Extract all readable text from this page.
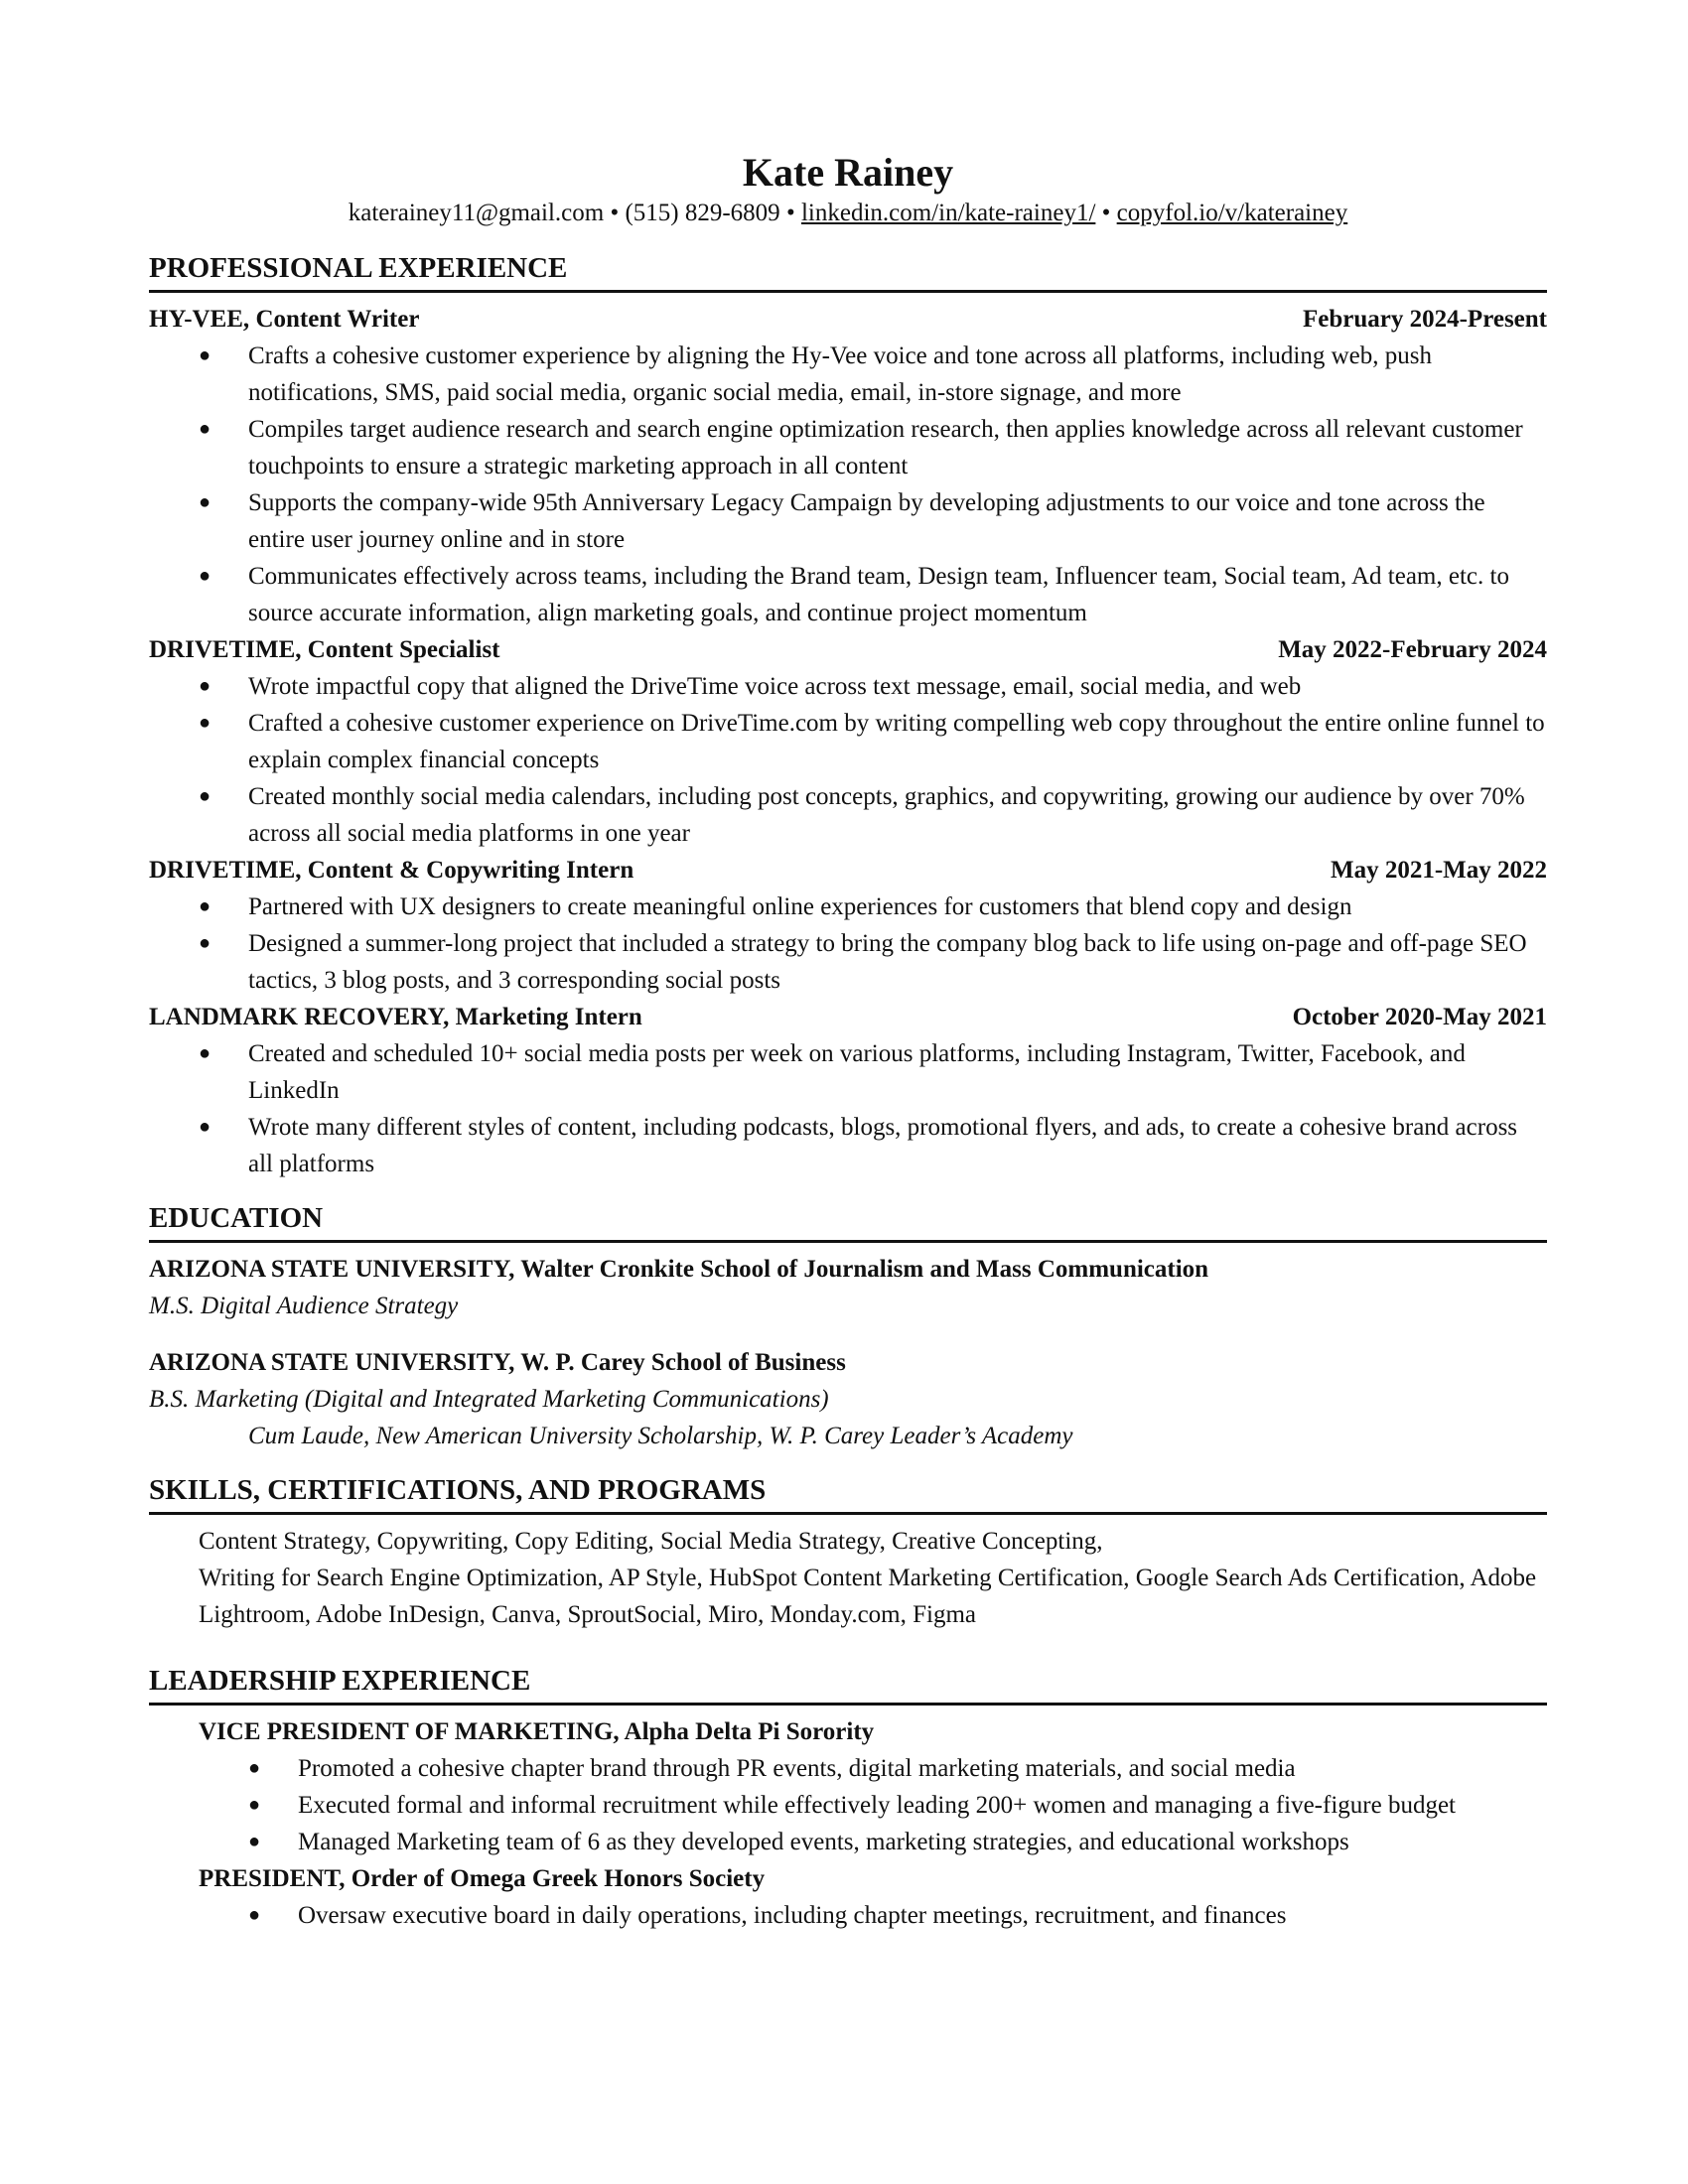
Kate Rainey

katerainey11@gmail.com • (515) 829-6809 • linkedin.com/in/kate-rainey1/ • copyfol.io/v/katerainey

PROFESSIONAL EXPERIENCE
HY-VEE, Content Writer	February 2024-Present
●	Crafts a cohesive customer experience by aligning the Hy-Vee voice and tone across all platforms, including web, push notifications, SMS, paid social media, organic social media, email, in-store signage, and more
●	Compiles target audience research and search engine optimization research, then applies knowledge across all relevant customer touchpoints to ensure a strategic marketing approach in all content
●	Supports the company-wide 95th Anniversary Legacy Campaign by developing adjustments to our voice and tone across the entire user journey online and in store
●	Communicates effectively across teams, including the Brand team, Design team, Influencer team, Social team, Ad team, etc. to source accurate information, align marketing goals, and continue project momentum
DRIVETIME, Content Specialist	May 2022-February 2024
●	Wrote impactful copy that aligned the DriveTime voice across text message, email, social media, and web
●	Crafted a cohesive customer experience on DriveTime.com by writing compelling web copy throughout the entire online funnel to explain complex financial concepts
●	Created monthly social media calendars, including post concepts, graphics, and copywriting, growing our audience by over 70% across all social media platforms in one year
DRIVETIME, Content & Copywriting Intern	May 2021-May 2022
●	Partnered with UX designers to create meaningful online experiences for customers that blend copy and design
●	Designed a summer-long project that included a strategy to bring the company blog back to life using on-page and off-page SEO tactics, 3 blog posts, and 3 corresponding social posts
LANDMARK RECOVERY, Marketing Intern	October 2020-May 2021
●	Created and scheduled 10+ social media posts per week on various platforms, including Instagram, Twitter, Facebook, and LinkedIn
●	Wrote many different styles of content, including podcasts, blogs, promotional flyers, and ads, to create a cohesive brand across all platforms
EDUCATION
ARIZONA STATE UNIVERSITY, Walter Cronkite School of Journalism and Mass Communication
M.S. Digital Audience Strategy
ARIZONA STATE UNIVERSITY, W. P. Carey School of Business
B.S. Marketing (Digital and Integrated Marketing Communications)
Cum Laude, New American University Scholarship, W. P. Carey Leader’s Academy
SKILLS, CERTIFICATIONS, AND PROGRAMS
Content Strategy, Copywriting, Copy Editing, Social Media Strategy, Creative Concepting,
Writing for Search Engine Optimization, AP Style, HubSpot Content Marketing Certification, Google Search Ads Certification, Adobe Lightroom, Adobe InDesign, Canva, SproutSocial, Miro, Monday.com, Figma
LEADERSHIP EXPERIENCE
VICE PRESIDENT OF MARKETING, Alpha Delta Pi Sorority
●	Promoted a cohesive chapter brand through PR events, digital marketing materials, and social media
●	Executed formal and informal recruitment while effectively leading 200+ women and managing a five-figure budget
●	Managed Marketing team of 6 as they developed events, marketing strategies, and educational workshops
PRESIDENT, Order of Omega Greek Honors Society
●	Oversaw executive board in daily operations, including chapter meetings, recruitment, and finances
